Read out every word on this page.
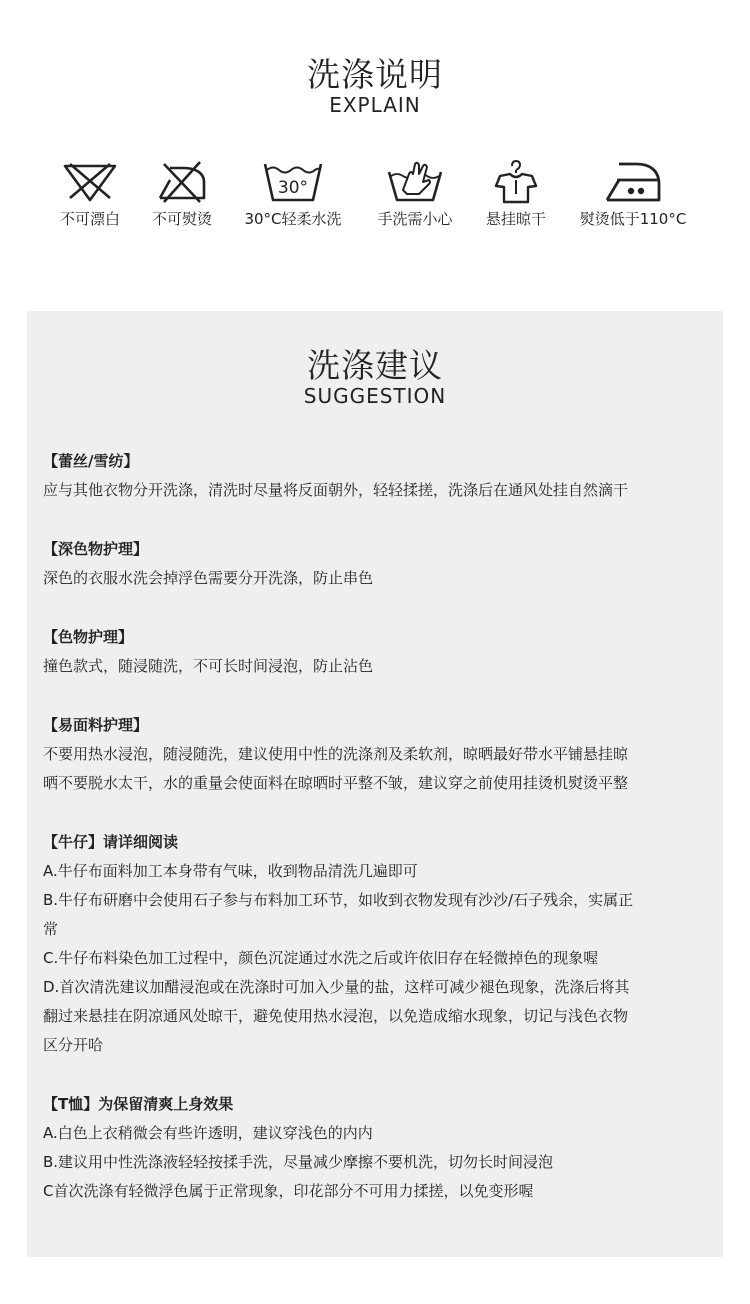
洗涤说明
EXPLAIN
不可漂白	不可熨烫
30°
30°C轻柔水洗	手洗需小心	悬挂晾干	熨烫低于110°C
洗涤建议
SUGGESTION
【蕾丝/雪纺】
应与其他衣物分开洗涤，清洗时尽量将反面朝外，轻轻揉搓，洗涤后在通风处挂自然滴干
【深色物护理】
深色的衣服水洗会掉浮色需要分开洗涤，防止串色
【色物护理】
撞色款式，随浸随洗，不可长时间浸泡，防止沾色
【易面料护理】
不要用热水浸泡，随浸随洗，建议使用中性的洗涤剂及柔软剂，晾晒最好带水平铺悬挂晾
晒不要脱水太干，水的重量会使面料在晾晒时平整不皱，建议穿之前使用挂烫机熨烫平整
【牛仔】请详细阅读
A.牛仔布面料加工本身带有气味，收到物品清洗几遍即可
B.牛仔布研磨中会使用石子参与布料加工环节，如收到衣物发现有沙沙/石子残余，实属正
常
C.牛仔布料染色加工过程中，颜色沉淀通过水洗之后或许依旧存在轻微掉色的现象喔
D.首次清洗建议加醋浸泡或在洗涤时可加入少量的盐，这样可减少褪色现象，洗涤后将其
翻过来悬挂在阴凉通风处晾干，避免使用热水浸泡，以免造成缩水现象，切记与浅色衣物
区分开哈
【T恤】为保留清爽上身效果
A.白色上衣稍微会有些许透明，建议穿浅色的内内
B.建议用中性洗涤液轻轻按揉手洗，尽量减少摩擦不要机洗，切勿长时间浸泡
C首次洗涤有轻微浮色属于正常现象，印花部分不可用力揉搓，以免变形喔
